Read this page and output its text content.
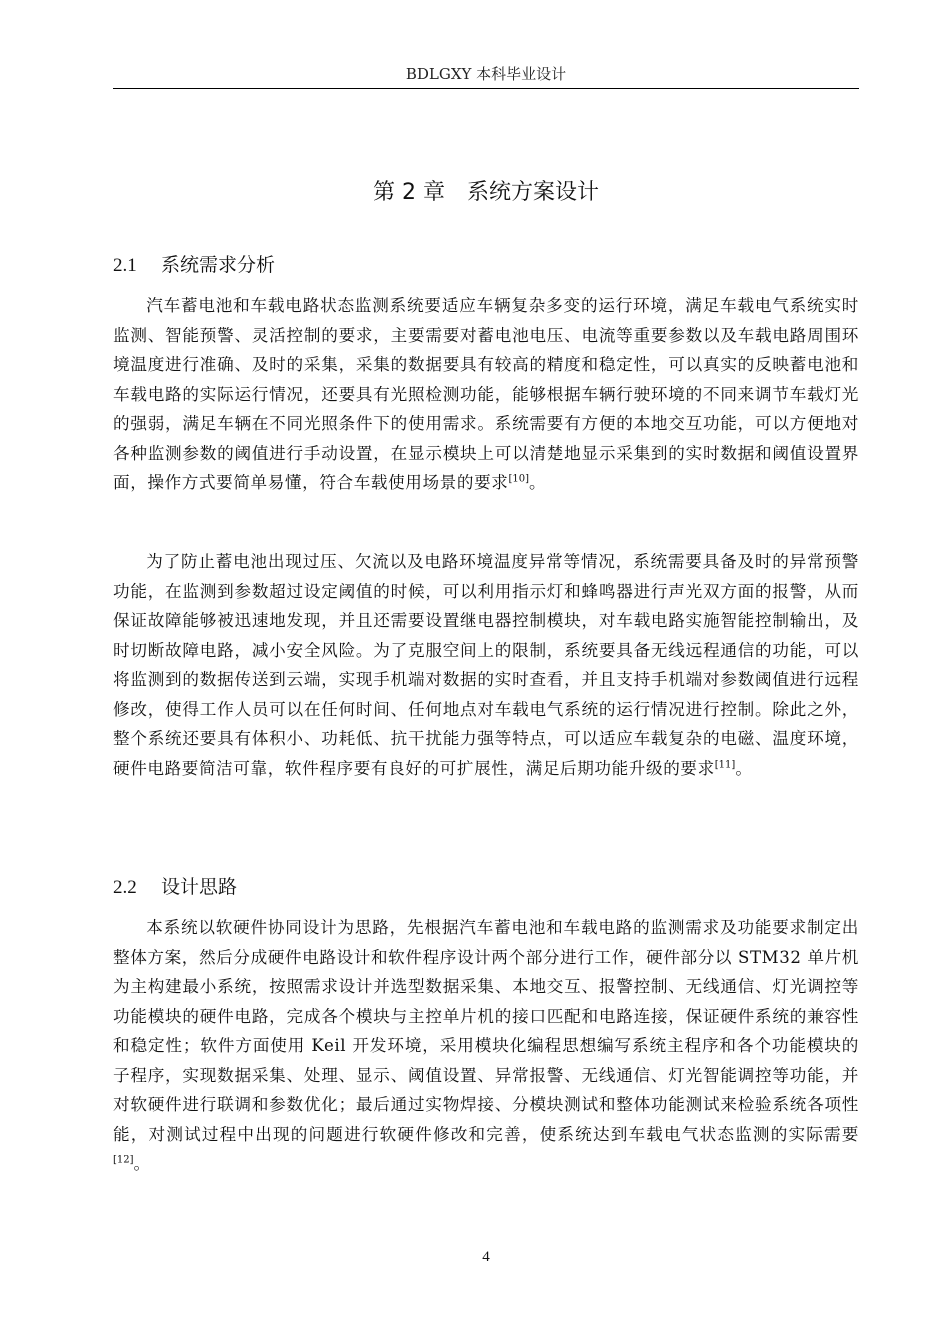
BDLGXY 本科毕业设计
第 2 章 系统方案设计
2.1 系统需求分析

汽车蓄电池和车载电路状态监测系统要适应车辆复杂多变的运行环境，满足车载电气系统实时监测、智能预警、灵活控制的要求，主要需要对蓄电池电压、电流等重要参数以及车载电路周围环境温度进行准确、及时的采集，采集的数据要具有较高的精度和稳定性，可以真实的反映蓄电池和车载电路的实际运行情况，还要具有光照检测功能，能够根据车辆行驶环境的不同来调节车载灯光的强弱，满足车辆在不同光照条件下的使用需求。系统需要有方便的本地交互功能，可以方便地对各种监测参数的阈值进行手动设置，在显示模块上可以清楚地显示采集到的实时数据和阈值设置界面，操作方式要简单易懂，符合车载使用场景的要求[10]。

为了防止蓄电池出现过压、欠流以及电路环境温度异常等情况，系统需要具备及时的异常预警功能，在监测到参数超过设定阈值的时候，可以利用指示灯和蜂鸣器进行声光双方面的报警，从而保证故障能够被迅速地发现，并且还需要设置继电器控制模块，对车载电路实施智能控制输出，及时切断故障电路，减小安全风险。为了克服空间上的限制，系统要具备无线远程通信的功能，可以将监测到的数据传送到云端，实现手机端对数据的实时查看，并且支持手机端对参数阈值进行远程修改，使得工作人员可以在任何时间、任何地点对车载电气系统的运行情况进行控制。除此之外，整个系统还要具有体积小、功耗低、抗干扰能力强等特点，可以适应车载复杂的电磁、温度环境，硬件电路要简洁可靠，软件程序要有良好的可扩展性，满足后期功能升级的要求[11]。

2.2 设计思路

本系统以软硬件协同设计为思路，先根据汽车蓄电池和车载电路的监测需求及功能要求制定出整体方案，然后分成硬件电路设计和软件程序设计两个部分进行工作，硬件部分以 STM32 单片机为主构建最小系统，按照需求设计并选型数据采集、本地交互、报警控制、无线通信、灯光调控等功能模块的硬件电路，完成各个模块与主控单片机的接口匹配和电路连接，保证硬件系统的兼容性和稳定性；软件方面使用 Keil 开发环境，采用模块化编程思想编写系统主程序和各个功能模块的子程序，实现数据采集、处理、显示、阈值设置、异常报警、无线通信、灯光智能调控等功能，并对软硬件进行联调和参数优化；最后通过实物焊接、分模块测试和整体功能测试来检验系统各项性能，对测试过程中出现的问题进行软硬件修改和完善，使系统达到车载电气状态监测的实际需要[12]。

4
